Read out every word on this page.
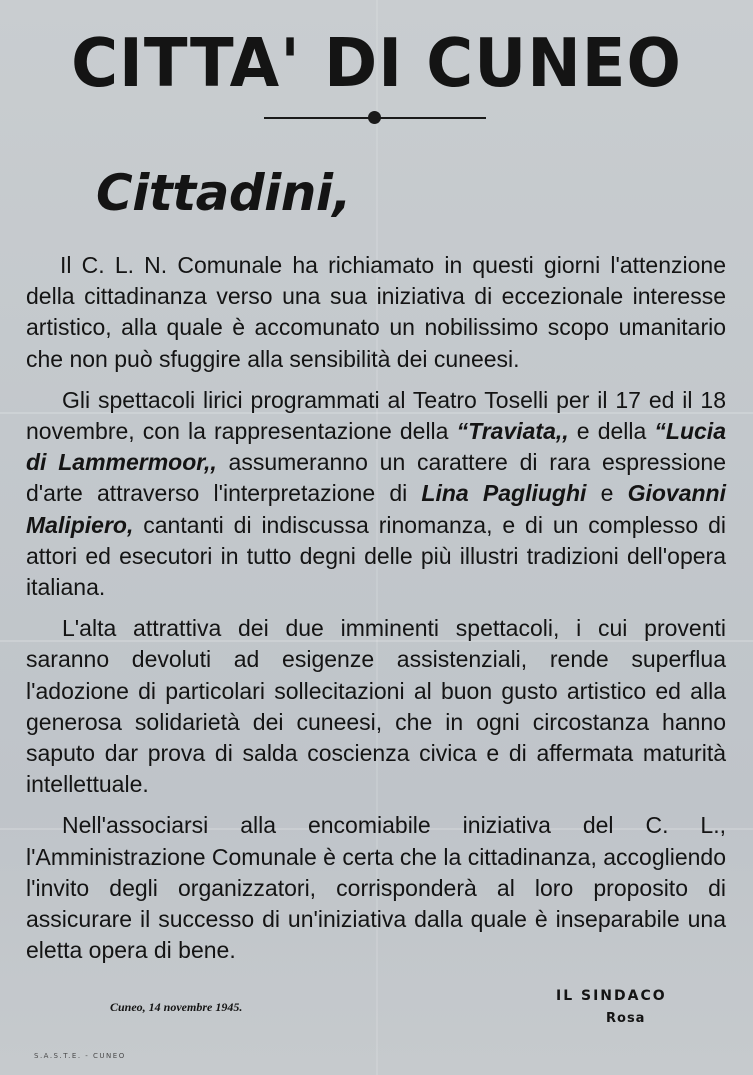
CITTA' DI CUNEO
Cittadini,

Il C. L. N. Comunale ha richiamato in questi giorni l'attenzione della cittadinanza verso una sua iniziativa di eccezionale interesse artistico, alla quale è accomunato un nobilissimo scopo umanitario che non può sfuggire alla sensibilità dei cuneesi.

Gli spettacoli lirici programmati al Teatro Toselli per il 17 ed il 18 novembre, con la rappresentazione della “Traviata,, e della “Lucia di Lammermoor,, assumeranno un carattere di rara espressione d'arte attraverso l'interpretazione di Lina Pagliughi e Giovanni Malipiero, cantanti di indiscussa rinomanza, e di un complesso di attori ed esecutori in tutto degni delle più illustri tradizioni dell'opera italiana.

L'alta attrattiva dei due imminenti spettacoli, i cui proventi saranno devoluti ad esigenze assistenziali, rende superflua l'adozione di particolari sollecitazioni al buon gusto artistico ed alla generosa solidarietà dei cuneesi, che in ogni circostanza hanno saputo dar prova di salda coscienza civica e di affermata maturità intellettuale.

Nell'associarsi alla encomiabile iniziativa del C. L., l'Amministrazione Comunale è certa che la cittadinanza, accogliendo l'invito degli organizzatori, corrisponderà al loro proposito di assicurare il successo di un'iniziativa dalla quale è inseparabile una eletta opera di bene.

Cuneo, 14 novembre 1945.
IL SINDACO
Rosa
S.A.S.T.E. - CUNEO
